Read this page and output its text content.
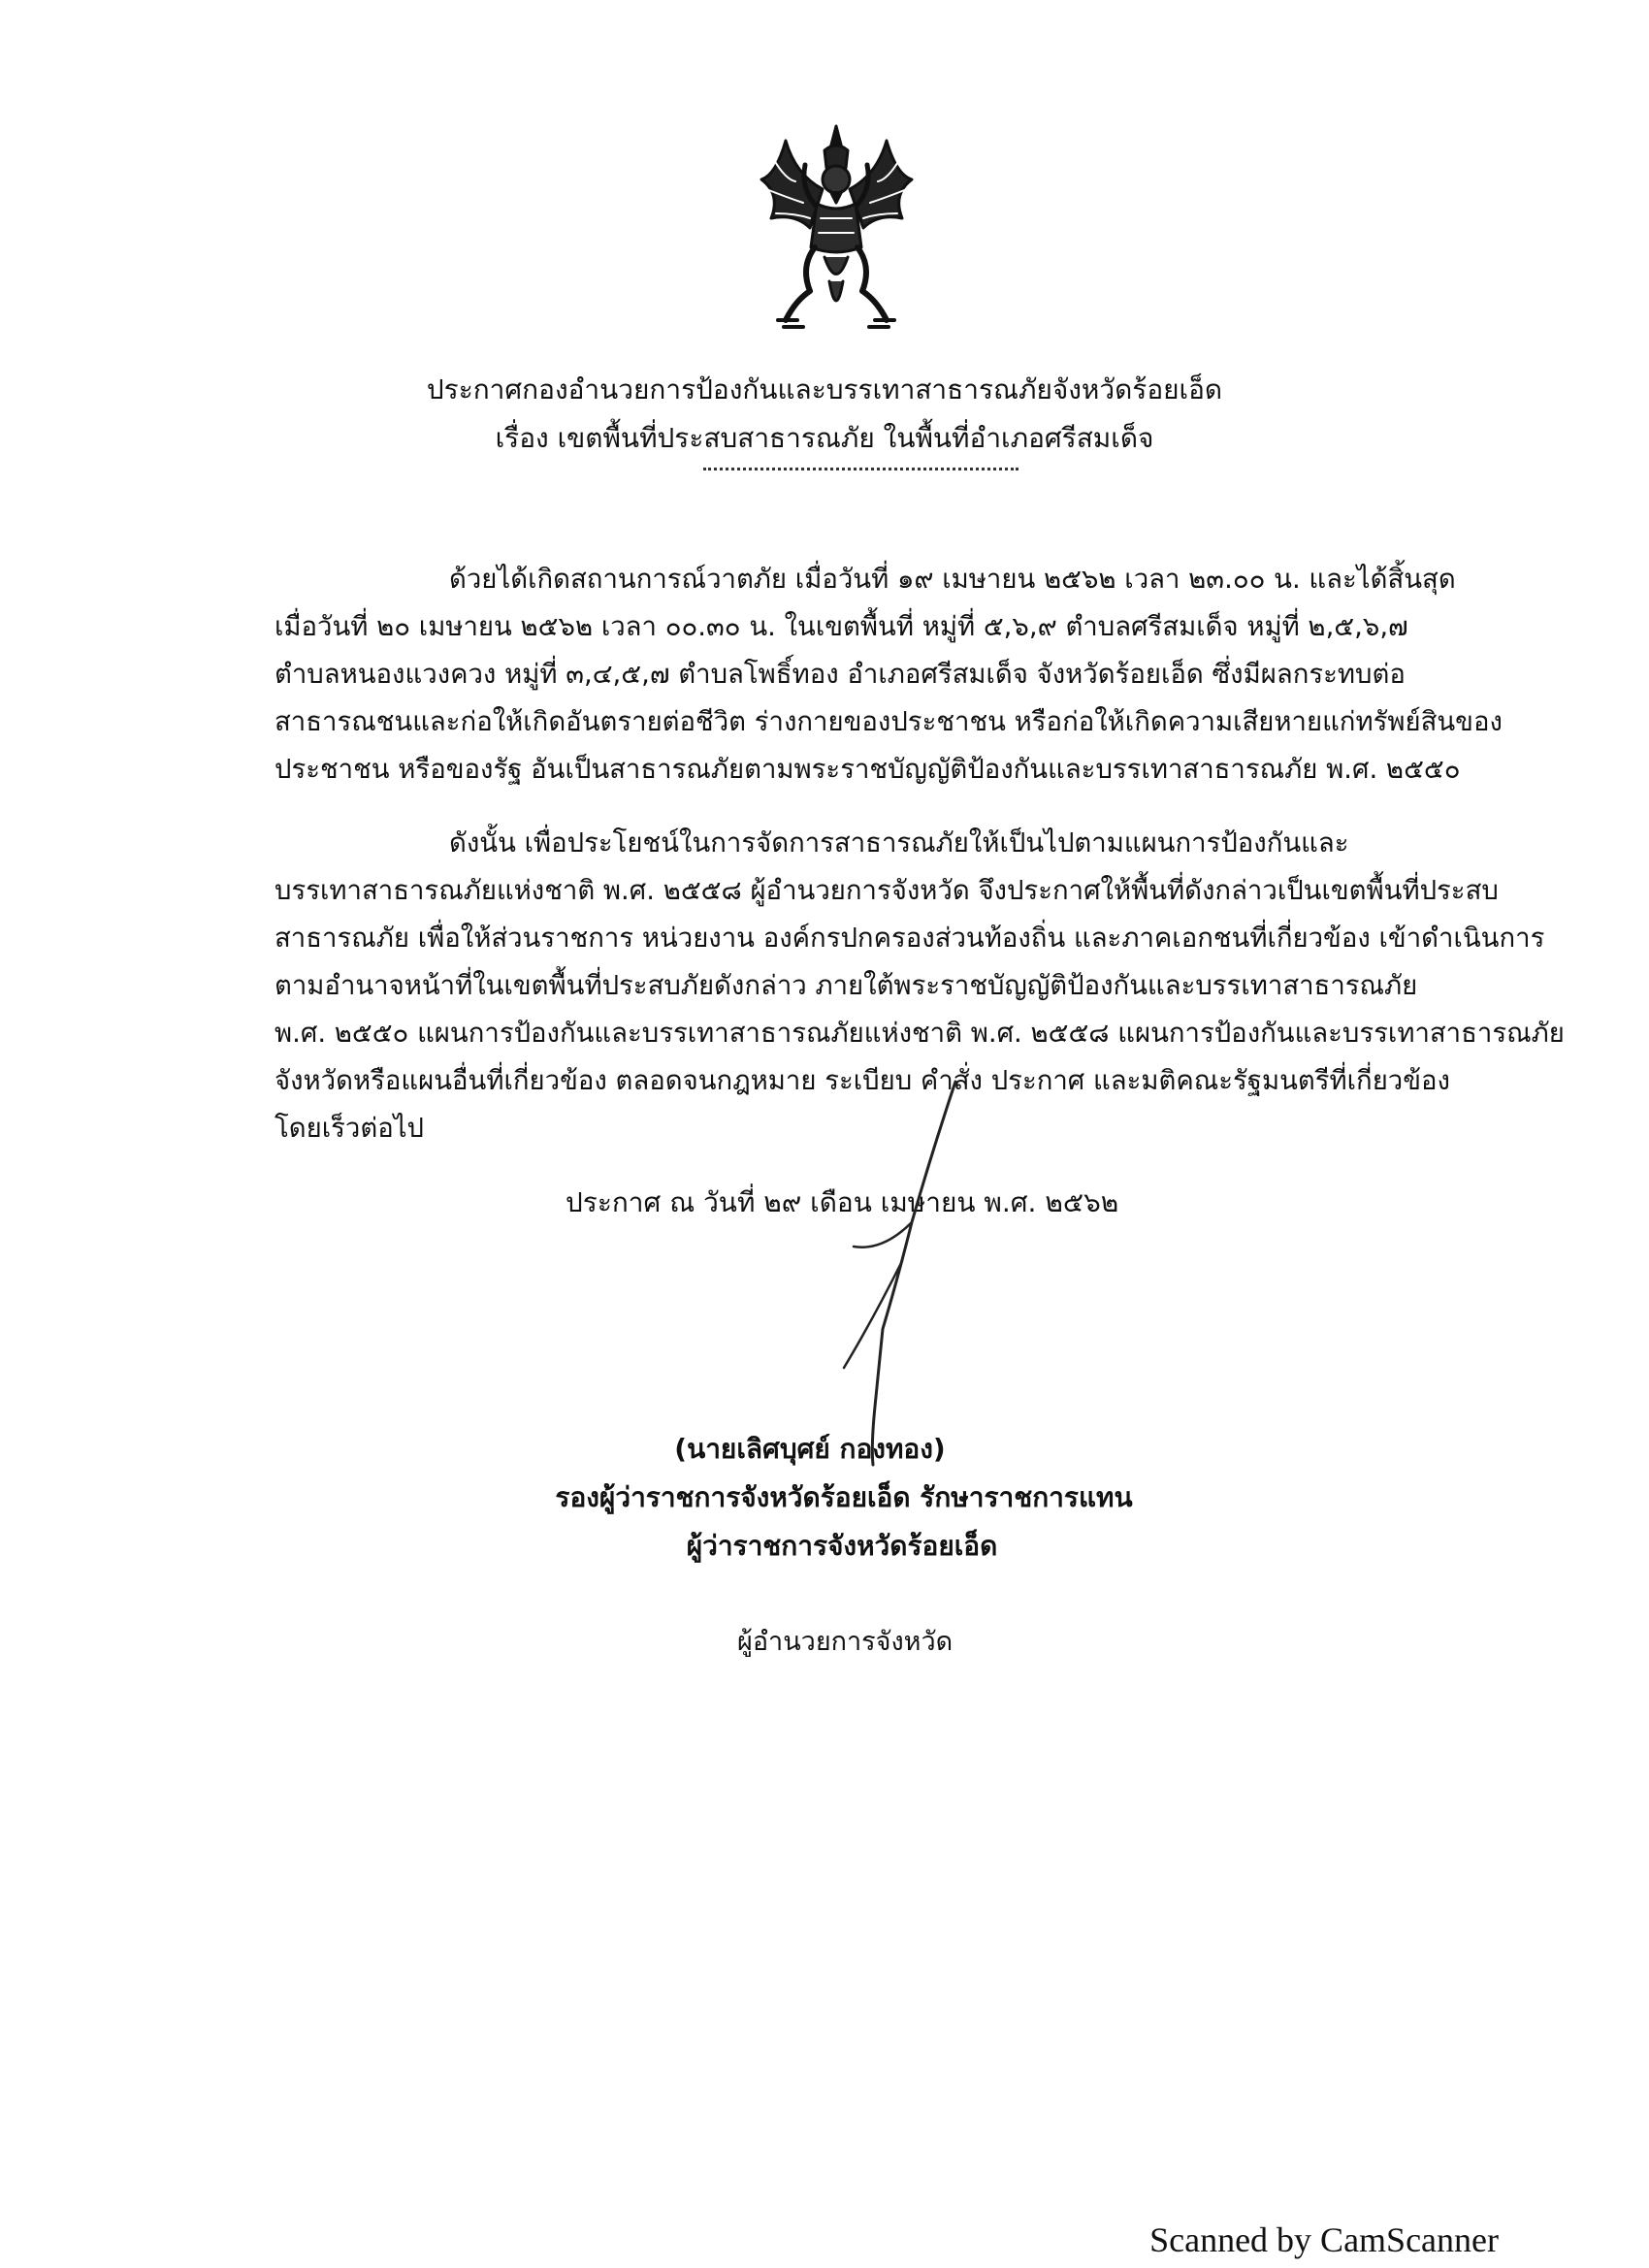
⠀
ประกาศกองอำนวยการป้องกันและบรรเทาสาธารณภัยจังหวัดร้อยเอ็ด
เรื่อง เขตพื้นที่ประสบสาธารณภัย ในพื้นที่อำเภอศรีสมเด็จ
ด้วยได้เกิดสถานการณ์วาตภัย เมื่อวันที่ ๑๙ เมษายน ๒๕๖๒ เวลา ๒๓.๐๐ น. และได้สิ้นสุด
เมื่อวันที่ ๒๐ เมษายน ๒๕๖๒ เวลา ๐๐.๓๐ น. ในเขตพื้นที่ หมู่ที่ ๕,๖,๙ ตำบลศรีสมเด็จ หมู่ที่ ๒,๕,๖,๗
ตำบลหนองแวงควง หมู่ที่ ๓,๔,๕,๗ ตำบลโพธิ์ทอง อำเภอศรีสมเด็จ จังหวัดร้อยเอ็ด ซึ่งมีผลกระทบต่อ
สาธารณชนและก่อให้เกิดอันตรายต่อชีวิต ร่างกายของประชาชน หรือก่อให้เกิดความเสียหายแก่ทรัพย์สินของ
ประชาชน หรือของรัฐ อันเป็นสาธารณภัยตามพระราชบัญญัติป้องกันและบรรเทาสาธารณภัย พ.ศ. ๒๕๕๐
ดังนั้น เพื่อประโยชน์ในการจัดการสาธารณภัยให้เป็นไปตามแผนการป้องกันและ
บรรเทาสาธารณภัยแห่งชาติ พ.ศ. ๒๕๕๘ ผู้อำนวยการจังหวัด จึงประกาศให้พื้นที่ดังกล่าวเป็นเขตพื้นที่ประสบ
สาธารณภัย เพื่อให้ส่วนราชการ หน่วยงาน องค์กรปกครองส่วนท้องถิ่น และภาคเอกชนที่เกี่ยวข้อง เข้าดำเนินการ
ตามอำนาจหน้าที่ในเขตพื้นที่ประสบภัยดังกล่าว ภายใต้พระราชบัญญัติป้องกันและบรรเทาสาธารณภัย
พ.ศ. ๒๕๕๐ แผนการป้องกันและบรรเทาสาธารณภัยแห่งชาติ พ.ศ. ๒๕๕๘ แผนการป้องกันและบรรเทาสาธารณภัย
จังหวัดหรือแผนอื่นที่เกี่ยวข้อง ตลอดจนกฎหมาย ระเบียบ คำสั่ง ประกาศ และมติคณะรัฐมนตรีที่เกี่ยวข้อง
โดยเร็วต่อไป
ประกาศ ณ วันที่ ๒๙ เดือน เมษายน พ.ศ. ๒๕๖๒
(นายเลิศบุศย์ กองทอง)
รองผู้ว่าราชการจังหวัดร้อยเอ็ด รักษาราชการแทน
ผู้ว่าราชการจังหวัดร้อยเอ็ด
ผู้อำนวยการจังหวัด
Scanned by CamScanner
